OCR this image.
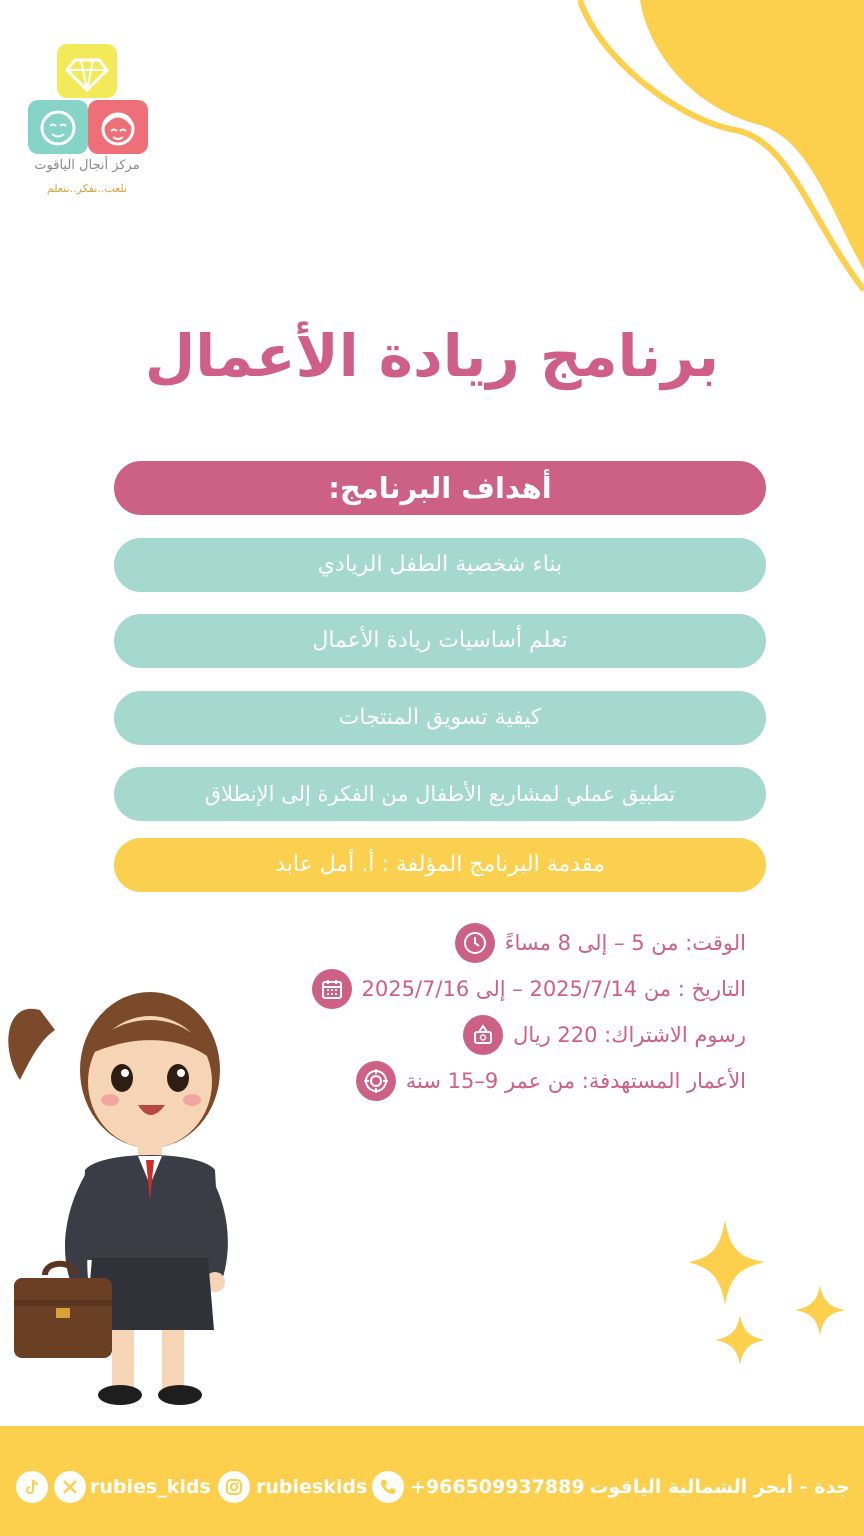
مركز أنجال الياقوت
نلعب..نفكر..نتعلم
برنامج ريادة الأعمال
أهداف البرنامج:
بناء شخصية الطفل الريادي
تعلم أساسيات ريادة الأعمال
كيفية تسويق المنتجات
تطبيق عملي لمشاريع الأطفال من الفكرة إلى الإنطلاق
مقدمة البرنامج المؤلفة : أ. أمل عابد
الوقت: من 5 – إلى 8 مساءً
التاريخ : من 2025/7/14 – إلى 2025/7/16
رسوم الاشتراك: 220 ريال
الأعمار المستهدفة: من عمر 9–15 سنة
rubies_kids rubieskids +966509937889 جدة - أبحر الشمالية الياقوت
